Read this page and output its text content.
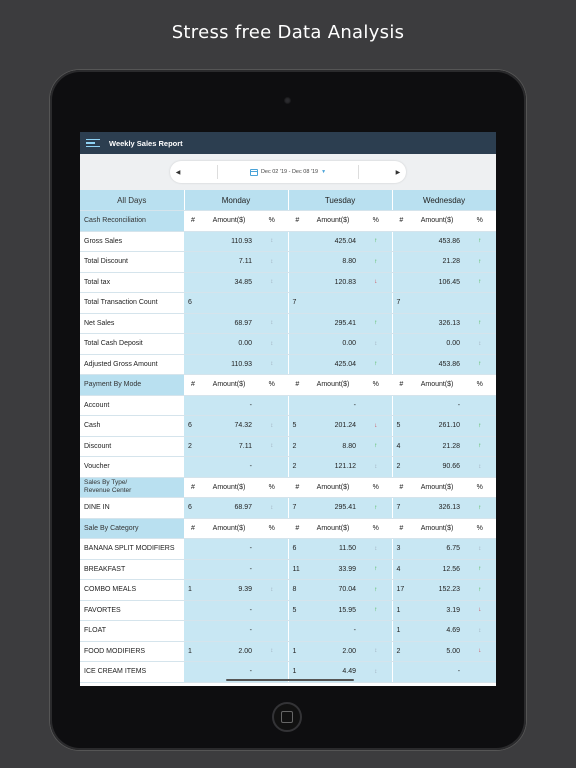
Stress free Data Analysis
Weekly Sales Report
◀	Dec 02 '19 - Dec 08 '19 ▼	▶
All Days	Monday			Tuesday			Wednesday		
Cash Reconciliation	#	Amount($)	%	#	Amount($)	%	#	Amount($)	%
Gross Sales		110.93	↕		425.04	↑		453.86	↑
Total Discount		7.11	↕		8.80	↑		21.28	↑
Total tax		34.85	↕		120.83	↓		106.45	↑
Total Transaction Count	6			7			7		
Net Sales		68.97	↕		295.41	↑		326.13	↑
Total Cash Deposit		0.00	↕		0.00	↕		0.00	↕
Adjusted Gross Amount		110.93	↕		425.04	↑		453.86	↑
Payment By Mode	#	Amount($)	%	#	Amount($)	%	#	Amount($)	%
Account		-			-			-	
Cash	6	74.32	↕	5	201.24	↓	5	261.10	↑
Discount	2	7.11	↕	2	8.80	↑	4	21.28	↑
Voucher		-		2	121.12	↕	2	90.66	↕
Sales By Type/
Revenue Center	#	Amount($)	%	#	Amount($)	%	#	Amount($)	%
DINE IN	6	68.97	↕	7	295.41	↑	7	326.13	↑
Sale By Category	#	Amount($)	%	#	Amount($)	%	#	Amount($)	%
BANANA SPLIT MODIFIERS		-		6	11.50	↕	3	6.75	↕
BREAKFAST		-		11	33.99	↑	4	12.56	↑
COMBO MEALS	1	9.39	↕	8	70.04	↑	17	152.23	↑
FAVORTES		-		5	15.95	↑	1	3.19	↓
FLOAT		-			-		1	4.69	↕
FOOD MODIFIERS	1	2.00	↕	1	2.00	↕	2	5.00	↓
ICE CREAM ITEMS		-		1	4.49	↕		-	
